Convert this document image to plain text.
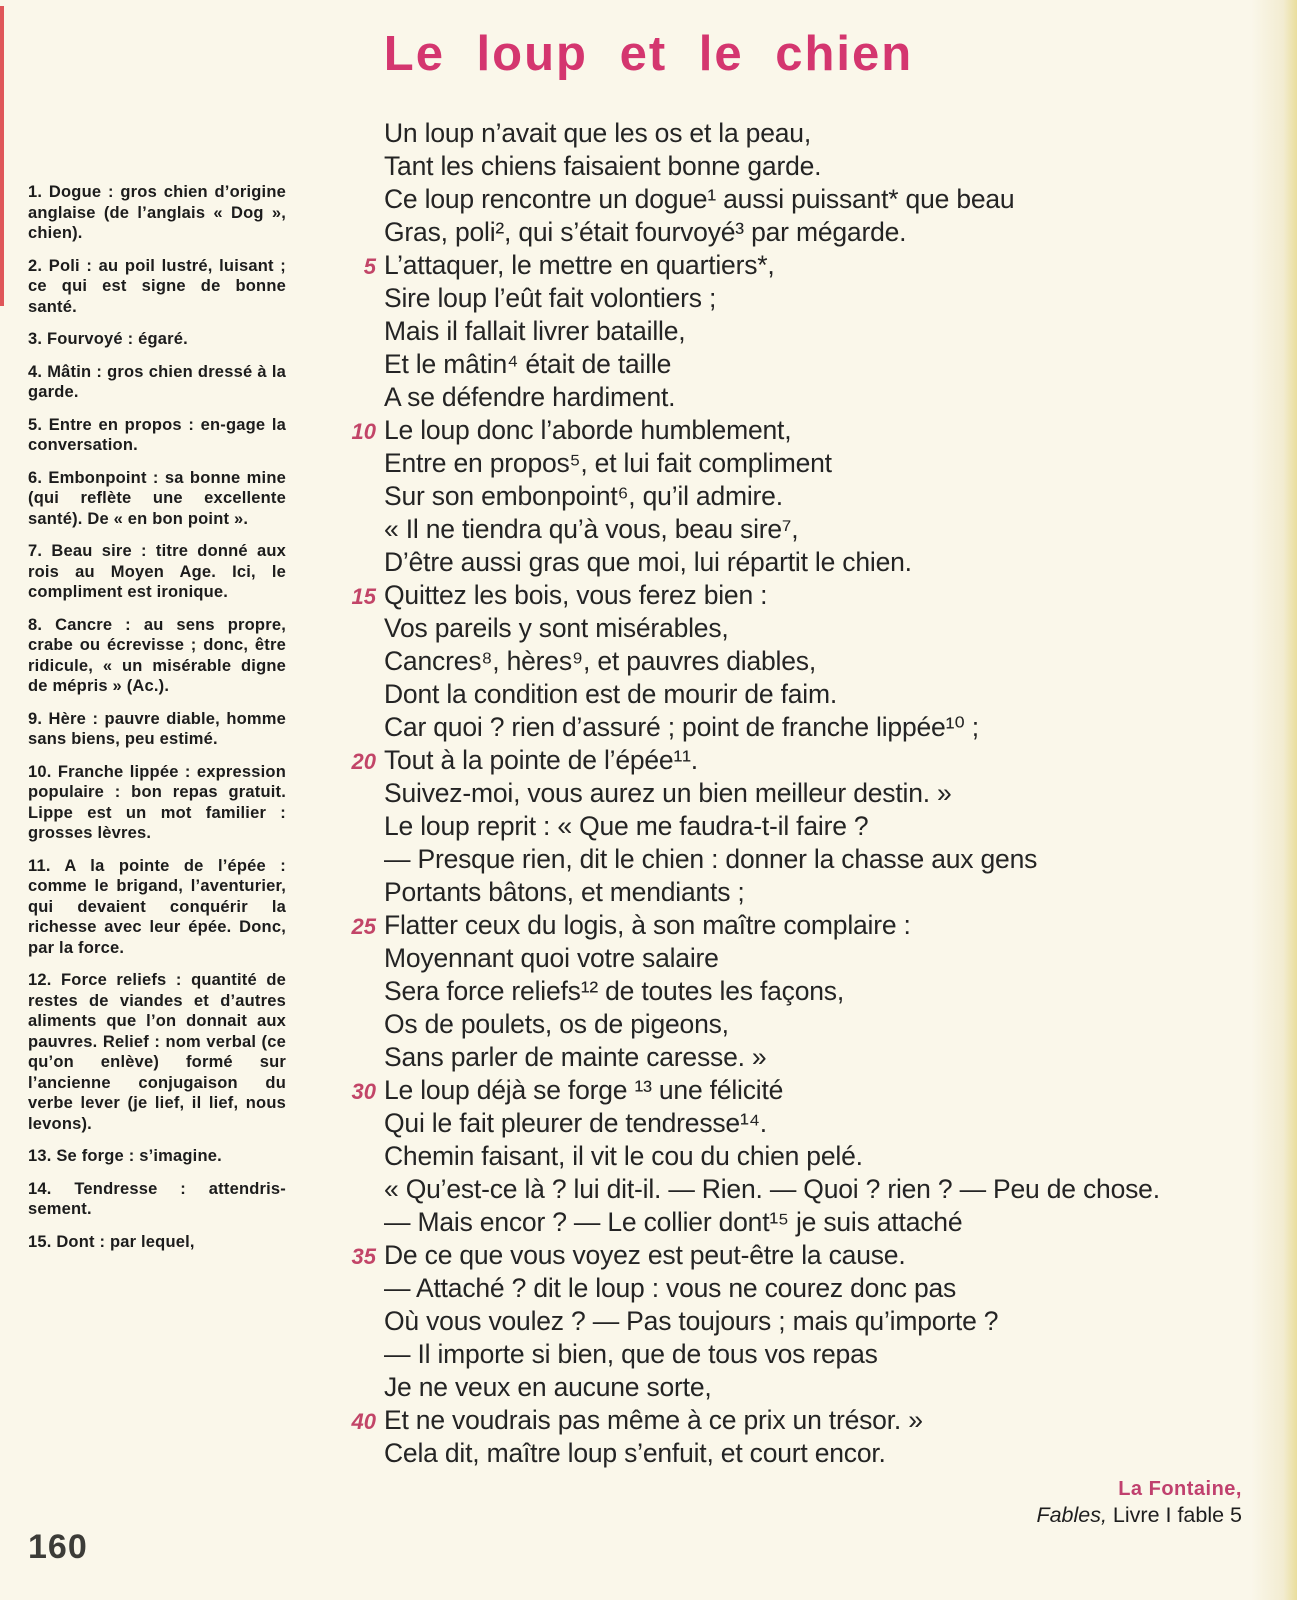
Le loup et le chien

1. Dogue : gros chien d’origine anglaise (de l’anglais « Dog », chien).

2. Poli : au poil lustré, luisant ; ce qui est signe de bonne santé.

3. Fourvoyé : égaré.

4. Mâtin : gros chien dressé à la garde.

5. Entre en propos : en-gage la conversation.

6. Embonpoint : sa bonne mine (qui reflète une excellente santé). De « en bon point ».

7. Beau sire : titre donné aux rois au Moyen Age. Ici, le compliment est ironique.

8. Cancre : au sens propre, crabe ou écrevisse ; donc, être ridicule, « un misérable digne de mépris » (Ac.).

9. Hère : pauvre diable, homme sans biens, peu estimé.

10. Franche lippée : expression populaire : bon repas gratuit. Lippe est un mot familier : grosses lèvres.

11. A la pointe de l’épée : comme le brigand, l’aventurier, qui devaient conquérir la richesse avec leur épée. Donc, par la force.

12. Force reliefs : quantité de restes de viandes et d’autres aliments que l’on donnait aux pauvres. Relief : nom verbal (ce qu’on enlève) formé sur l’ancienne conjugaison du verbe lever (je lief, il lief, nous levons).

13. Se forge : s’imagine.

14. Tendresse : attendris-sement.

15. Dont : par lequel,

Un loup n’avait que les os et la peau,
Tant les chiens faisaient bonne garde.
Ce loup rencontre un dogue¹ aussi puissant* que beau
Gras, poli², qui s’était fourvoyé³ par mégarde.
5 L’attaquer, le mettre en quartiers*,
Sire loup l’eût fait volontiers ;
Mais il fallait livrer bataille,
Et le mâtin⁴ était de taille
A se défendre hardiment.
10 Le loup donc l’aborde humblement,
Entre en propos⁵, et lui fait compliment
Sur son embonpoint⁶, qu’il admire.
« Il ne tiendra qu’à vous, beau sire⁷,
D’être aussi gras que moi, lui répartit le chien.
15 Quittez les bois, vous ferez bien :
Vos pareils y sont misérables,
Cancres⁸, hères⁹, et pauvres diables,
Dont la condition est de mourir de faim.
Car quoi ? rien d’assuré ; point de franche lippée¹⁰ ;
20 Tout à la pointe de l’épée¹¹.
Suivez-moi, vous aurez un bien meilleur destin. »
Le loup reprit : « Que me faudra-t-il faire ?
— Presque rien, dit le chien : donner la chasse aux gens
Portants bâtons, et mendiants ;
25 Flatter ceux du logis, à son maître complaire :
Moyennant quoi votre salaire
Sera force reliefs¹² de toutes les façons,
Os de poulets, os de pigeons,
Sans parler de mainte caresse. »
30 Le loup déjà se forge ¹³ une félicité
Qui le fait pleurer de tendresse¹⁴.
Chemin faisant, il vit le cou du chien pelé.
« Qu’est-ce là ? lui dit-il. — Rien. — Quoi ? rien ? — Peu de chose.
— Mais encor ? — Le collier dont¹⁵ je suis attaché
35 De ce que vous voyez est peut-être la cause.
— Attaché ? dit le loup : vous ne courez donc pas
Où vous voulez ? — Pas toujours ; mais qu’importe ?
— Il importe si bien, que de tous vos repas
Je ne veux en aucune sorte,
40 Et ne voudrais pas même à ce prix un trésor. »
Cela dit, maître loup s’enfuit, et court encor.
La Fontaine,
Fables, Livre I fable 5
160
